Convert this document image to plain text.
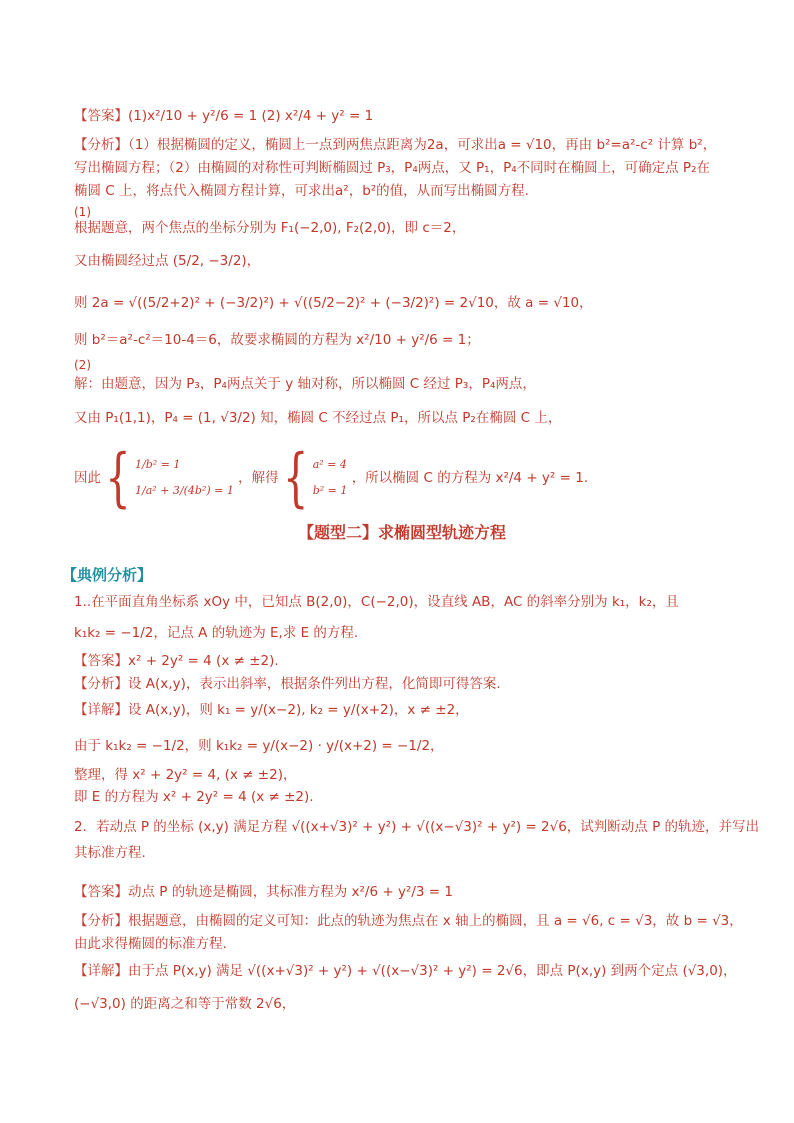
【答案】(1)x²/10 + y²/6 = 1 (2) x²/4 + y² = 1
【分析】（1）根据椭圆的定义，椭圆上一点到两焦点距离为2a，可求出a = √10，再由 b²=a²-c² 计算 b²，
写出椭圆方程；（2）由椭圆的对称性可判断椭圆过 P₃，P₄两点，又 P₁，P₄不同时在椭圆上，可确定点 P₂在
椭圆 C 上，将点代入椭圆方程计算，可求出a²，b²的值，从而写出椭圆方程.
(1)
根据题意，两个焦点的坐标分别为 F₁(−2,0), F₂(2,0)，即 c＝2，
又由椭圆经过点 (5/2, −3/2)，
则 2a = √((5/2+2)² + (−3/2)²) + √((5/2−2)² + (−3/2)²) = 2√10，故 a = √10，
则 b²＝a²-c²＝10-4＝6，故要求椭圆的方程为 x²/10 + y²/6 = 1；
(2)
解：由题意，因为 P₃，P₄两点关于 y 轴对称，所以椭圆 C 经过 P₃，P₄两点，
又由 P₁(1,1)，P₄ = (1, √3/2) 知，椭圆 C 不经过点 P₁，所以点 P₂在椭圆 C 上，
因此 { 1/b² = 1
1/a² + 3/(4b²) = 1
，解得 { a² = 4
b² = 1
，所以椭圆 C 的方程为 x²/4 + y² = 1.
【题型二】求椭圆型轨迹方程
【典例分析】
1..在平面直角坐标系 xOy 中，已知点 B(2,0)，C(−2,0)，设直线 AB，AC 的斜率分别为 k₁，k₂，且
k₁k₂ = −1/2，记点 A 的轨迹为 E,求 E 的方程.
【答案】x² + 2y² = 4 (x ≠ ±2).
【分析】设 A(x,y)，表示出斜率，根据条件列出方程，化简即可得答案.
【详解】设 A(x,y)，则 k₁ = y/(x−2), k₂ = y/(x+2)，x ≠ ±2，
由于 k₁k₂ = −1/2，则 k₁k₂ = y/(x−2) · y/(x+2) = −1/2，
整理，得 x² + 2y² = 4, (x ≠ ±2)，
即 E 的方程为 x² + 2y² = 4 (x ≠ ±2).
2．若动点 P 的坐标 (x,y) 满足方程 √((x+√3)² + y²) + √((x−√3)² + y²) = 2√6，试判断动点 P 的轨迹，并写出
其标准方程.
【答案】动点 P 的轨迹是椭圆，其标准方程为 x²/6 + y²/3 = 1
【分析】根据题意，由椭圆的定义可知：此点的轨迹为焦点在 x 轴上的椭圆，且 a = √6, c = √3，故 b = √3，
由此求得椭圆的标准方程.
【详解】由于点 P(x,y) 满足 √((x+√3)² + y²) + √((x−√3)² + y²) = 2√6，即点 P(x,y) 到两个定点 (√3,0)，
(−√3,0) 的距离之和等于常数 2√6，
